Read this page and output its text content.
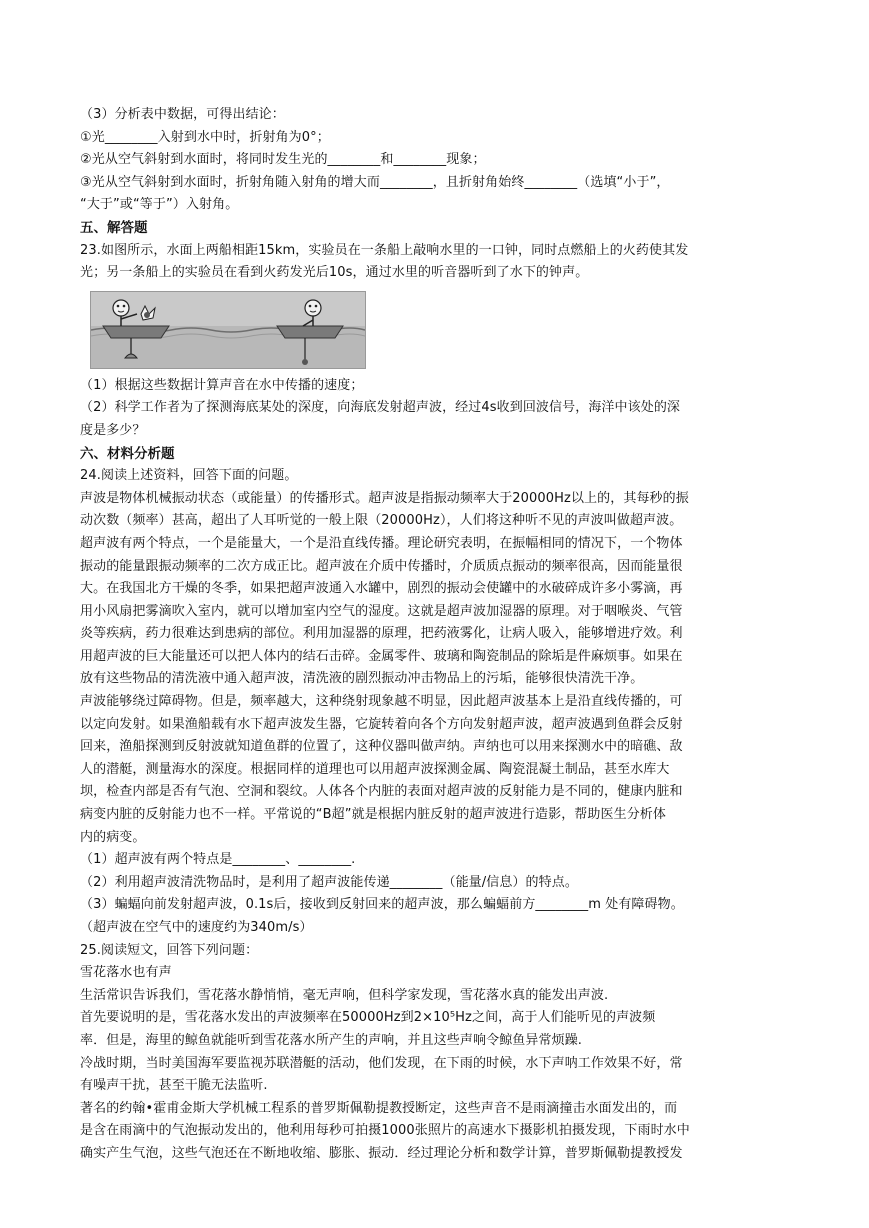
（3）分析表中数据，可得出结论：
①光________入射到水中时，折射角为0°；
②光从空气斜射到水面时，将同时发生光的________和________现象；
③光从空气斜射到水面时，折射角随入射角的增大而________，且折射角始终________（选填“小于”，
“大于”或“等于”）入射角。
五、解答题
23.如图所示，水面上两船相距15km，实验员在一条船上敲响水里的一口钟，同时点燃船上的火药使其发
光；另一条船上的实验员在看到火药发光后10s，通过水里的听音器听到了水下的钟声。
（1）根据这些数据计算声音在水中传播的速度；
（2）科学工作者为了探测海底某处的深度，向海底发射超声波，经过4s收到回波信号，海洋中该处的深
度是多少？
六、材料分析题
24.阅读上述资料，回答下面的问题。
声波是物体机械振动状态（或能量）的传播形式。超声波是指振动频率大于20000Hz以上的，其每秒的振
动次数（频率）甚高，超出了人耳听觉的一般上限（20000Hz），人们将这种听不见的声波叫做超声波。
超声波有两个特点，一个是能量大，一个是沿直线传播。理论研究表明，在振幅相同的情况下，一个物体
振动的能量跟振动频率的二次方成正比。超声波在介质中传播时，介质质点振动的频率很高，因而能量很
大。在我国北方干燥的冬季，如果把超声波通入水罐中，剧烈的振动会使罐中的水破碎成许多小雾滴，再
用小风扇把雾滴吹入室内，就可以增加室内空气的湿度。这就是超声波加湿器的原理。对于咽喉炎、气管
炎等疾病，药力很难达到患病的部位。利用加湿器的原理，把药液雾化，让病人吸入，能够增进疗效。利
用超声波的巨大能量还可以把人体内的结石击碎。金属零件、玻璃和陶瓷制品的除垢是件麻烦事。如果在
放有这些物品的清洗液中通入超声波，清洗液的剧烈振动冲击物品上的污垢，能够很快清洗干净。
声波能够绕过障碍物。但是，频率越大，这种绕射现象越不明显，因此超声波基本上是沿直线传播的，可
以定向发射。如果渔船载有水下超声波发生器，它旋转着向各个方向发射超声波，超声波遇到鱼群会反射
回来，渔船探测到反射波就知道鱼群的位置了，这种仪器叫做声纳。声纳也可以用来探测水中的暗礁、敌
人的潜艇，测量海水的深度。根据同样的道理也可以用超声波探测金属、陶瓷混凝土制品，甚至水库大
坝，检查内部是否有气泡、空洞和裂纹。人体各个内脏的表面对超声波的反射能力是不同的，健康内脏和
病变内脏的反射能力也不一样。平常说的“B超”就是根据内脏反射的超声波进行造影，帮助医生分析体
内的病变。
（1）超声波有两个特点是________、________.
（2）利用超声波清洗物品时，是利用了超声波能传递________（能量/信息）的特点。
（3）蝙蝠向前发射超声波，0.1s后，接收到反射回来的超声波，那么蝙蝠前方________m 处有障碍物。
（超声波在空气中的速度约为340m/s）
25.阅读短文，回答下列问题：
雪花落水也有声
生活常识告诉我们，雪花落水静悄悄，毫无声响，但科学家发现，雪花落水真的能发出声波.
首先要说明的是，雪花落水发出的声波频率在50000Hz到2×10⁵Hz之间，高于人们能听见的声波频
率．但是，海里的鲸鱼就能听到雪花落水所产生的声响，并且这些声响令鲸鱼异常烦躁.
冷战时期，当时美国海军要监视苏联潜艇的活动，他们发现，在下雨的时候，水下声呐工作效果不好，常
有噪声干扰，甚至干脆无法监听.
著名的约翰•霍甫金斯大学机械工程系的普罗斯佩勒提教授断定，这些声音不是雨滴撞击水面发出的，而
是含在雨滴中的气泡振动发出的，他利用每秒可拍摄1000张照片的高速水下摄影机拍摄发现，下雨时水中
确实产生气泡，这些气泡还在不断地收缩、膨胀、振动．经过理论分析和数学计算，普罗斯佩勒提教授发
